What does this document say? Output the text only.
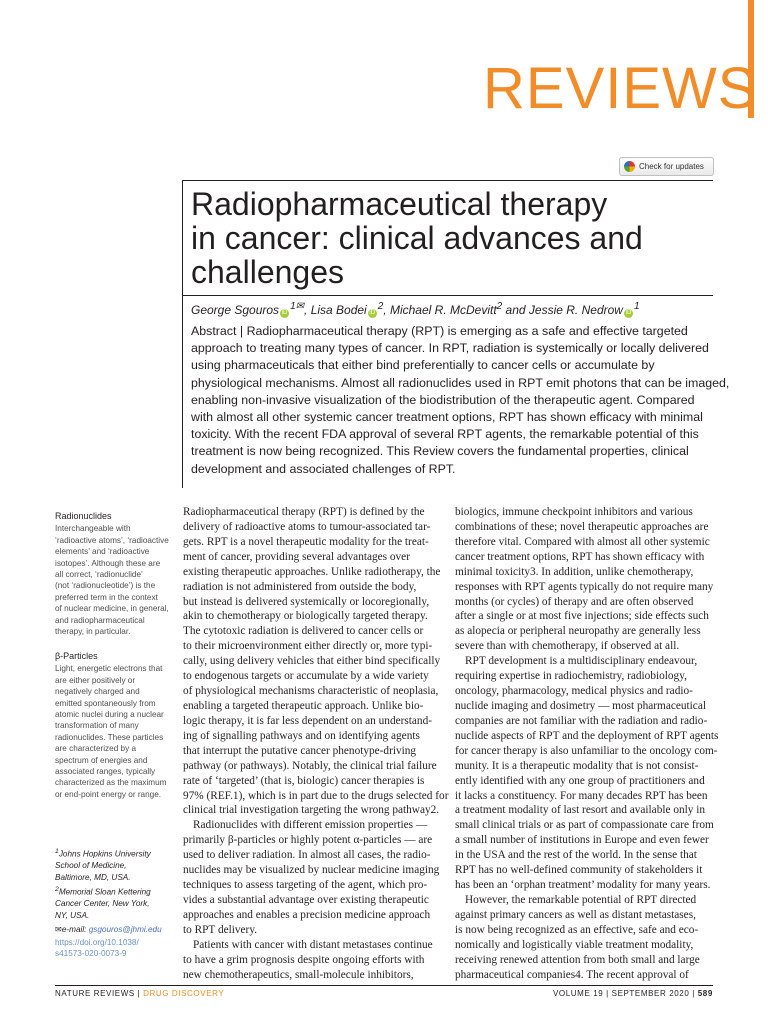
REVIEWS
Check for updates
Radiopharmaceutical therapy
in cancer: clinical advances and
challenges
George Sgouros $iD^{1✉}$, Lisa Bodei $iD^2$, Michael R. McDevitt$^2$ and Jessie R. Nedrow $iD^1$
Abstract | Radiopharmaceutical therapy (RPT) is emerging as a safe and effective targeted
approach to treating many types of cancer. In RPT, radiation is systemically or locally delivered
using pharmaceuticals that either bind preferentially to cancer cells or accumulate by
physiological mechanisms. Almost all radionuclides used in RPT emit photons that can be imaged,
enabling non-invasive visualization of the biodistribution of the therapeutic agent. Compared
with almost all other systemic cancer treatment options, RPT has shown efficacy with minimal
toxicity. With the recent FDA approval of several RPT agents, the remarkable potential of this
treatment is now being recognized. This Review covers the fundamental properties, clinical
development and associated challenges of RPT.
Radionuclides
Interchangeable with
‘radioactive atoms’, ‘radioactive
elements’ and ‘radioactive
isotopes’. Although these are
all correct, ‘radionuclide’
(not ‘radionucleotide’) is the
preferred term in the context
of nuclear medicine, in general,
and radiopharmaceutical
therapy, in particular.
β-Particles
Light, energetic electrons that
are either positively or
negatively charged and
emitted spontaneously from
atomic nuclei during a nuclear
transformation of many
radionuclides. These particles
are characterized by a
spectrum of energies and
associated ranges, typically
characterized as the maximum
or end-point energy or range.
$^1$Johns Hopkins University
School of Medicine,
Baltimore, MD, USA.
$^2$Memorial Sloan Kettering
Cancer Center, New York,
NY, USA.
✉e-mail: gsgouros@jhmi.edu
https://doi.org/10.1038/
s41573-020-0073-9
Radiopharmaceutical therapy (RPT) is defined by the
delivery of radioactive atoms to tumour-associated tar-
gets. RPT is a novel therapeutic modality for the treat-
ment of cancer, providing several advantages over
existing therapeutic approaches. Unlike radiotherapy, the
radiation is not administered from outside the body,
but instead is delivered systemically or locoregionally,
akin to chemotherapy or biologically targeted therapy.
The cytotoxic radiation is delivered to cancer cells or
to their microenvironment either directly or, more typi-
cally, using delivery vehicles that either bind specifically
to endogenous targets or accumulate by a wide variety
of physiological mechanisms characteristic of neoplasia,
enabling a targeted therapeutic approach. Unlike bio-
logic therapy, it is far less dependent on an understand-
ing of signalling pathways and on identifying agents
that interrupt the putative cancer phenotype-driving
pathway (or pathways). Notably, the clinical trial failure
rate of ‘targeted’ (that is, biologic) cancer therapies is
97% (REF.1), which is in part due to the drugs selected for
clinical trial investigation targeting the wrong pathway2.
Radionuclides with different emission properties —
primarily β-particles or highly potent α-particles — are
used to deliver radiation. In almost all cases, the radio-
nuclides may be visualized by nuclear medicine imaging
techniques to assess targeting of the agent, which pro-
vides a substantial advantage over existing therapeutic
approaches and enables a precision medicine approach
to RPT delivery.
Patients with cancer with distant metastases continue
to have a grim prognosis despite ongoing efforts with
new chemotherapeutics, small-molecule inhibitors,
biologics, immune checkpoint inhibitors and various
combinations of these; novel therapeutic approaches are
therefore vital. Compared with almost all other systemic
cancer treatment options, RPT has shown efficacy with
minimal toxicity3. In addition, unlike chemotherapy,
responses with RPT agents typically do not require many
months (or cycles) of therapy and are often observed
after a single or at most five injections; side effects such
as alopecia or peripheral neuropathy are generally less
severe than with chemotherapy, if observed at all.
RPT development is a multidisciplinary endeavour,
requiring expertise in radiochemistry, radiobiology,
oncology, pharmacology, medical physics and radio-
nuclide imaging and dosimetry — most pharmaceutical
companies are not familiar with the radiation and radio-
nuclide aspects of RPT and the deployment of RPT agents
for cancer therapy is also unfamiliar to the oncology com-
munity. It is a therapeutic modality that is not consist-
ently identified with any one group of practitioners and
it lacks a constituency. For many decades RPT has been
a treatment modality of last resort and available only in
small clinical trials or as part of compassionate care from
a small number of institutions in Europe and even fewer
in the USA and the rest of the world. In the sense that
RPT has no well-defined community of stakeholders it
has been an ‘orphan treatment’ modality for many years.
However, the remarkable potential of RPT directed
against primary cancers as well as distant metastases,
is now being recognized as an effective, safe and eco-
nomically and logistically viable treatment modality,
receiving renewed attention from both small and large
pharmaceutical companies4. The recent approval of
NATURE REVIEWS | DRUG DISCOVERY	VOLUME 19 | SEPTEMBER 2020 | 589
